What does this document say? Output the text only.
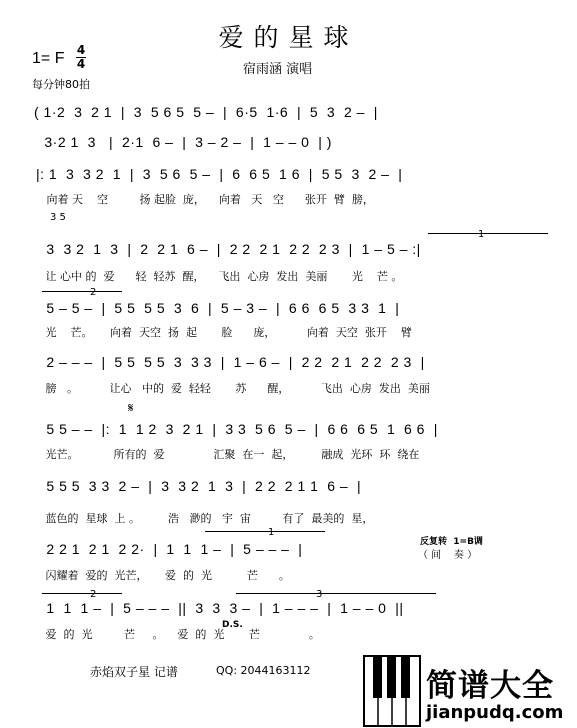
爱的星球
1= F 4
4
每分钟80拍
宿雨涵 演唱
( 1·2  3  2 1  |  3  5 6 5  5 –  |  6·5  1·6  |  5  3  2 –  |
3·2 1  3   |  2·1  6 –  |  3 – 2 –  |  1 – – 0  | )
|: 1  3  3 2  1  |  3  5 6  5 –  |  6  6 5  1 6  |  5 5  3  2 –  |
向着 天    空         扬 起脸  庞，    向着   天   空      张开  臂  膀，
3 5
3  3 2  1  3  |  2  2 1  6 –  |  2 2  2 1  2 2  2 3  |  1 – 5 – :|
让 心中 的  爱      轻  轻苏  醒，    飞出  心房  发出  美丽       光    芒 。
1
2
5 – 5 –  |  5 5  5 5  3  6  |  5 – 3 –  |  6 6  6 5  3 3  1  |
光    芒。     向着  天空  扬  起       脸      庞，         向着  天空  张开    臂
2 – – –  |  5 5  5 5  3  3 3  |  1 – 6 –  |  2 2  2 1  2 2  2 3  |
膀   。         让心   中的  爱  轻轻       苏      醒，         飞出  心房  发出  美丽
𝄋
5 5 – –  |:  1  1 2  3  2 1  |  3 3  5 6  5 –  |  6 6  6 5  1  6 6  |
光芒。          所有的  爱              汇聚  在一  起，        融成  光环  环  绕在
5 5 5  3 3  2 –  |  3  3 2  1  3  |  2 2  2 1 1  6 –  |
蓝色的  星球  上 。        浩   渺的   宇  宙         有了  最美的  星，
1
2 2 1  2 1  2 2·  |  1  1  1 –  |  5 – – –  |
闪耀着  爱的  光芒，     爱  的  光          芒      。
反复转  1=B调
（ 间    奏 ）
2	3
1  1  1 –  |  5 – – –  ||  3  3  3 –  |  1 – – –  |  1 – – 0  ||
D.S.
爱  的  光         芒     。    爱  的  光       芒              。
赤焰双子星 记谱	QQ: 2044163112	简谱大全
jianpudq.com
